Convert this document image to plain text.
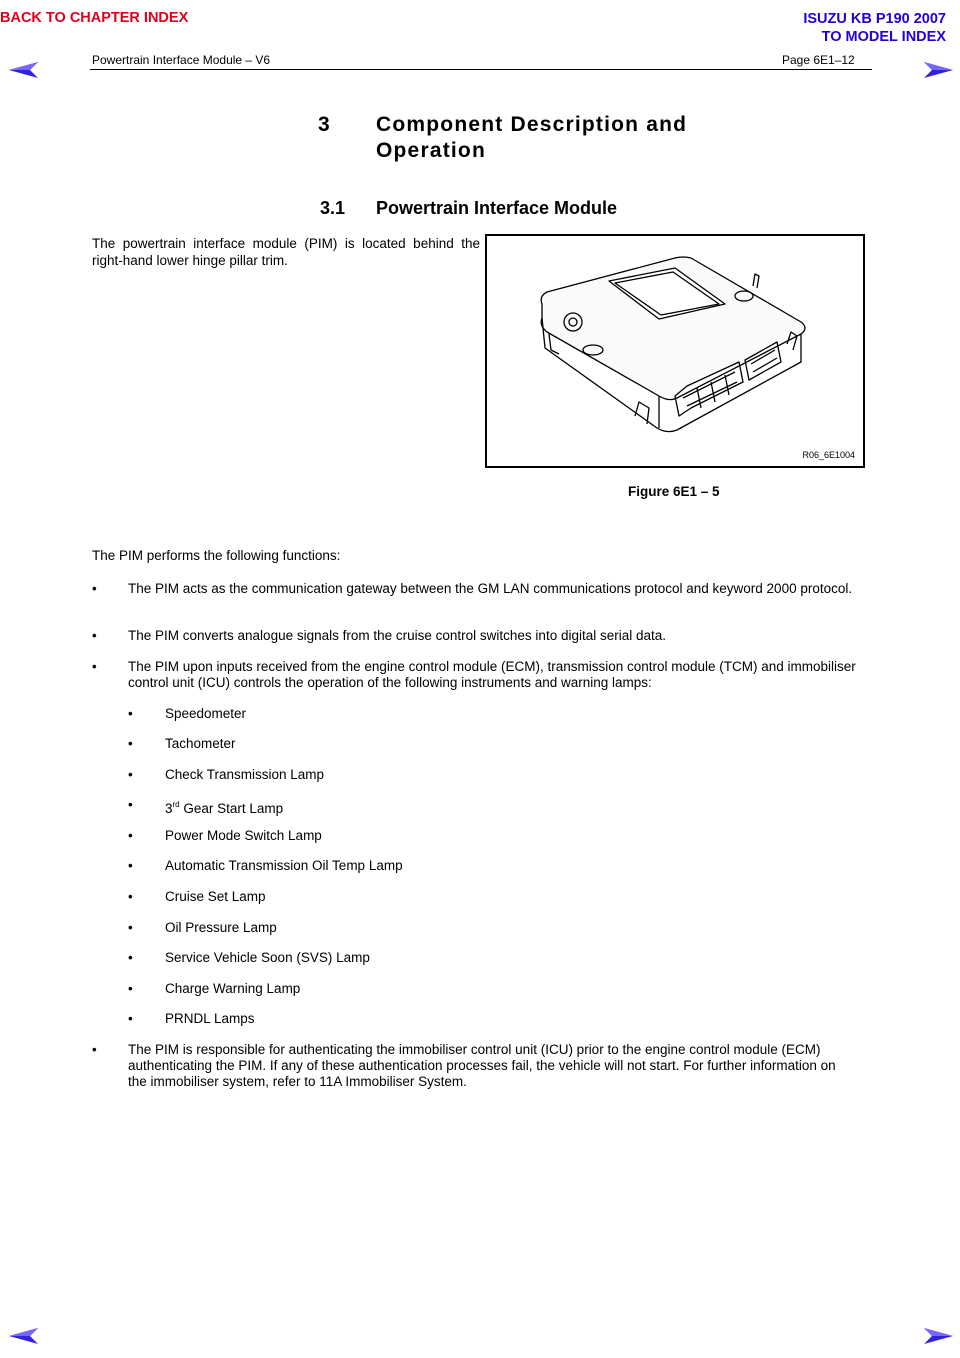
BACK TO CHAPTER INDEX	ISUZU KB P190 2007
TO MODEL INDEX
Powertrain Interface Module – V6	Page 6E1–12
3 Component Description and
Operation
3.1 Powertrain Interface Module
The powertrain interface module (PIM) is located behind the right-hand lower hinge pillar trim.
R06_6E1004
Figure 6E1 – 5
The PIM performs the following functions:
• The PIM acts as the communication gateway between the GM LAN communications protocol and keyword 2000 protocol.
• The PIM converts analogue signals from the cruise control switches into digital serial data.
• The PIM upon inputs received from the engine control module (ECM), transmission control module (TCM) and immobiliser control unit (ICU) controls the operation of the following instruments and warning lamps:
• Speedometer
• Tachometer
• Check Transmission Lamp
• 3rd Gear Start Lamp
• Power Mode Switch Lamp
• Automatic Transmission Oil Temp Lamp
• Cruise Set Lamp
• Oil Pressure Lamp
• Service Vehicle Soon (SVS) Lamp
• Charge Warning Lamp
• PRNDL Lamps
• The PIM is responsible for authenticating the immobiliser control unit (ICU) prior to the engine control module (ECM) authenticating the PIM. If any of these authentication processes fail, the vehicle will not start. For further information on the immobiliser system, refer to 11A Immobiliser System.
